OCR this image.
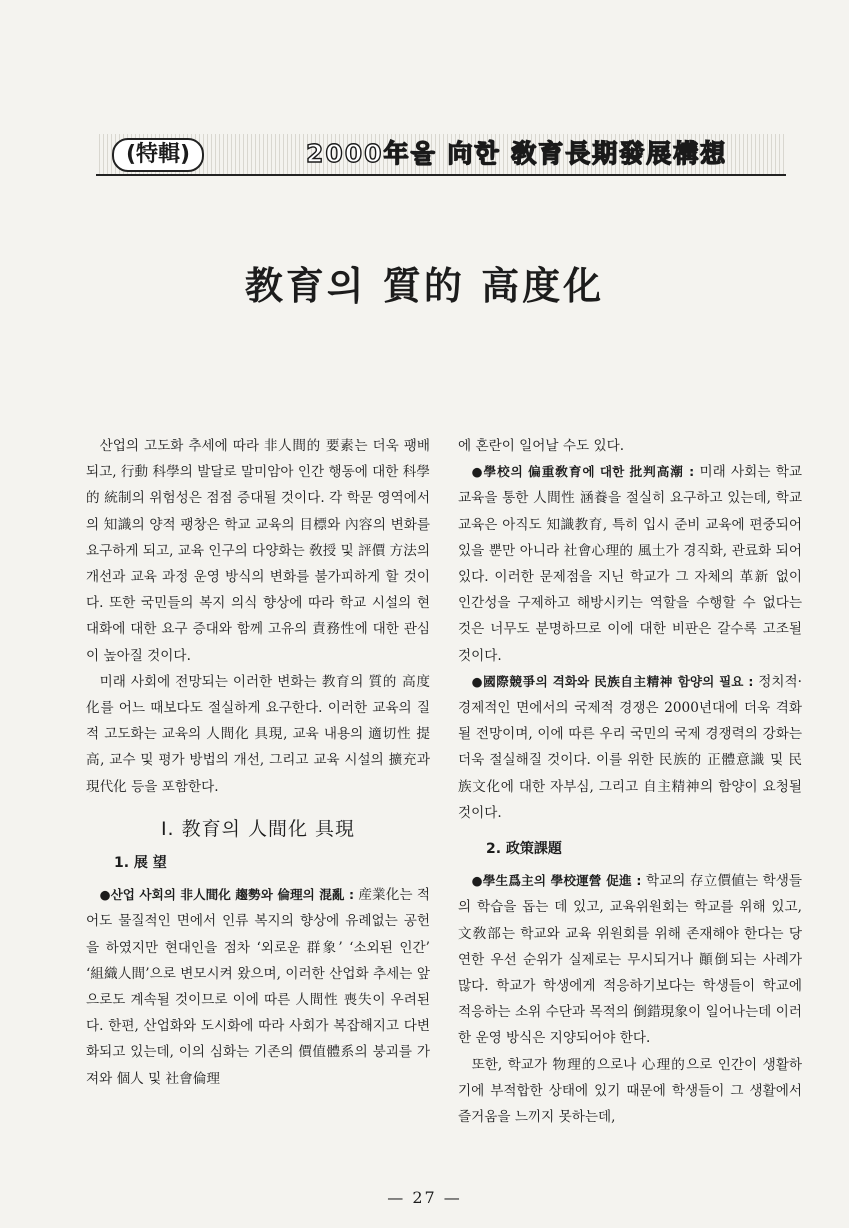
(特輯)	2000年을 向한 敎育長期發展構想
教育의 質的 高度化

산업의 고도화 추세에 따라 非人間的 要素는 더욱 팽배되고, 行動 科學의 발달로 말미암아 인간 행동에 대한 科學的 統制의 위험성은 점점 증대될 것이다. 각 학문 영역에서의 知識의 양적 팽창은 학교 교육의 目標와 內容의 변화를 요구하게 되고, 교육 인구의 다양화는 敎授 및 評價 方法의 개선과 교육 과정 운영 방식의 변화를 불가피하게 할 것이다. 또한 국민들의 복지 의식 향상에 따라 학교 시설의 현대화에 대한 요구 증대와 함께 고유의 責務性에 대한 관심이 높아질 것이다.

미래 사회에 전망되는 이러한 변화는 教育의 質的 高度化를 어느 때보다도 절실하게 요구한다. 이러한 교육의 질적 고도화는 교육의 人間化 具現, 교육 내용의 適切性 提高, 교수 및 평가 방법의 개선, 그리고 교육 시설의 擴充과 現代化 등을 포함한다.

Ⅰ. 教育의 人間化 具現
1. 展 望

●산업 사회의 非人間化 趨勢와 倫理의 混亂 : 産業化는 적어도 물질적인 면에서 인류 복지의 향상에 유례없는 공헌을 하였지만 현대인을 점차 ‘외로운 群象’ ‘소외된 인간’ ‘組織人間’으로 변모시켜 왔으며, 이러한 산업화 추세는 앞으로도 계속될 것이므로 이에 따른 人間性 喪失이 우려된다. 한편, 산업화와 도시화에 따라 사회가 복잡해지고 다변화되고 있는데, 이의 심화는 기존의 價值體系의 붕괴를 가져와 個人 및 社會倫理

에 혼란이 일어날 수도 있다.

●學校의 偏重敎育에 대한 批判高潮 : 미래 사회는 학교 교육을 통한 人間性 涵養을 절실히 요구하고 있는데, 학교 교육은 아직도 知識教育, 특히 입시 준비 교육에 편중되어 있을 뿐만 아니라 社會心理的 風土가 경직화, 관료화 되어 있다. 이러한 문제점을 지닌 학교가 그 자체의 革新 없이 인간성을 구제하고 해방시키는 역할을 수행할 수 없다는 것은 너무도 분명하므로 이에 대한 비판은 갈수록 고조될 것이다.

●國際競爭의 격화와 民族自主精神 함양의 필요 : 정치적·경제적인 면에서의 국제적 경쟁은 2000년대에 더욱 격화될 전망이며, 이에 따른 우리 국민의 국제 경쟁력의 강화는 더욱 절실해질 것이다. 이를 위한 民族的 正體意識 및 民族文化에 대한 자부심, 그리고 自主精神의 함양이 요청될 것이다.

2. 政策課題

●學生爲主의 學校運營 促進 : 학교의 存立價値는 학생들의 학습을 돕는 데 있고, 교육위원회는 학교를 위해 있고, 文敎部는 학교와 교육 위원회를 위해 존재해야 한다는 당연한 우선 순위가 실제로는 무시되거나 顚倒되는 사례가 많다. 학교가 학생에게 적응하기보다는 학생들이 학교에 적응하는 소위 수단과 목적의 倒錯現象이 일어나는데 이러한 운영 방식은 지양되어야 한다.

또한, 학교가 物理的으로나 心理的으로 인간이 생활하기에 부적합한 상태에 있기 때문에 학생들이 그 생활에서 즐거움을 느끼지 못하는데,

— 27 —
